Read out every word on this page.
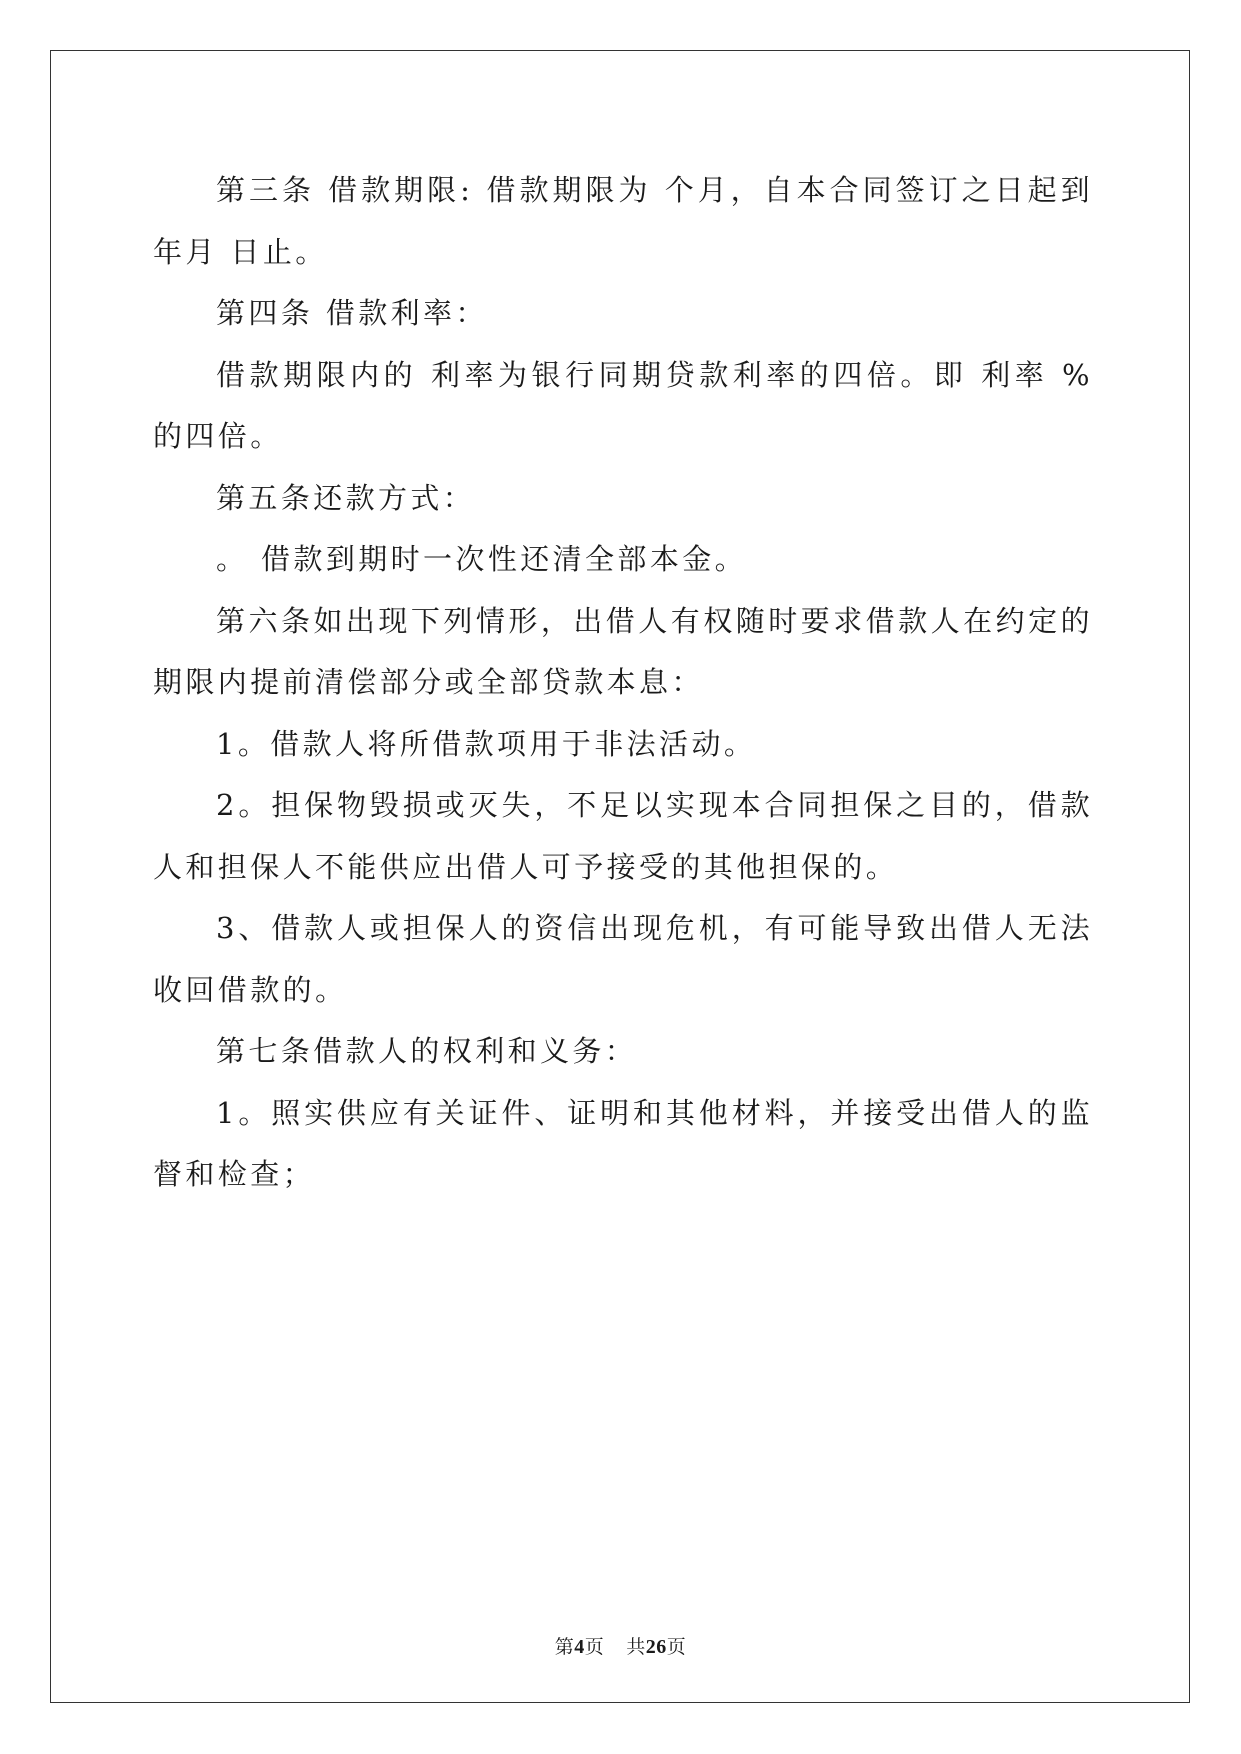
第三条 借款期限: 借款期限为 个月，自本合同签订之日起到 年月 日止。

第四条 借款利率：

借款期限内的 利率为银行同期贷款利率的四倍。即 利率 %的四倍。

第五条还款方式：

。 借款到期时一次性还清全部本金。

第六条如出现下列情形，出借人有权随时要求借款人在约定的期限内提前清偿部分或全部贷款本息：

1。借款人将所借款项用于非法活动。

2。担保物毁损或灭失，不足以实现本合同担保之目的，借款人和担保人不能供应出借人可予接受的其他担保的。

3、借款人或担保人的资信出现危机，有可能导致出借人无法收回借款的。

第七条借款人的权利和义务：

1。照实供应有关证件、证明和其他材料，并接受出借人的监督和检查；

第4页 共26页
